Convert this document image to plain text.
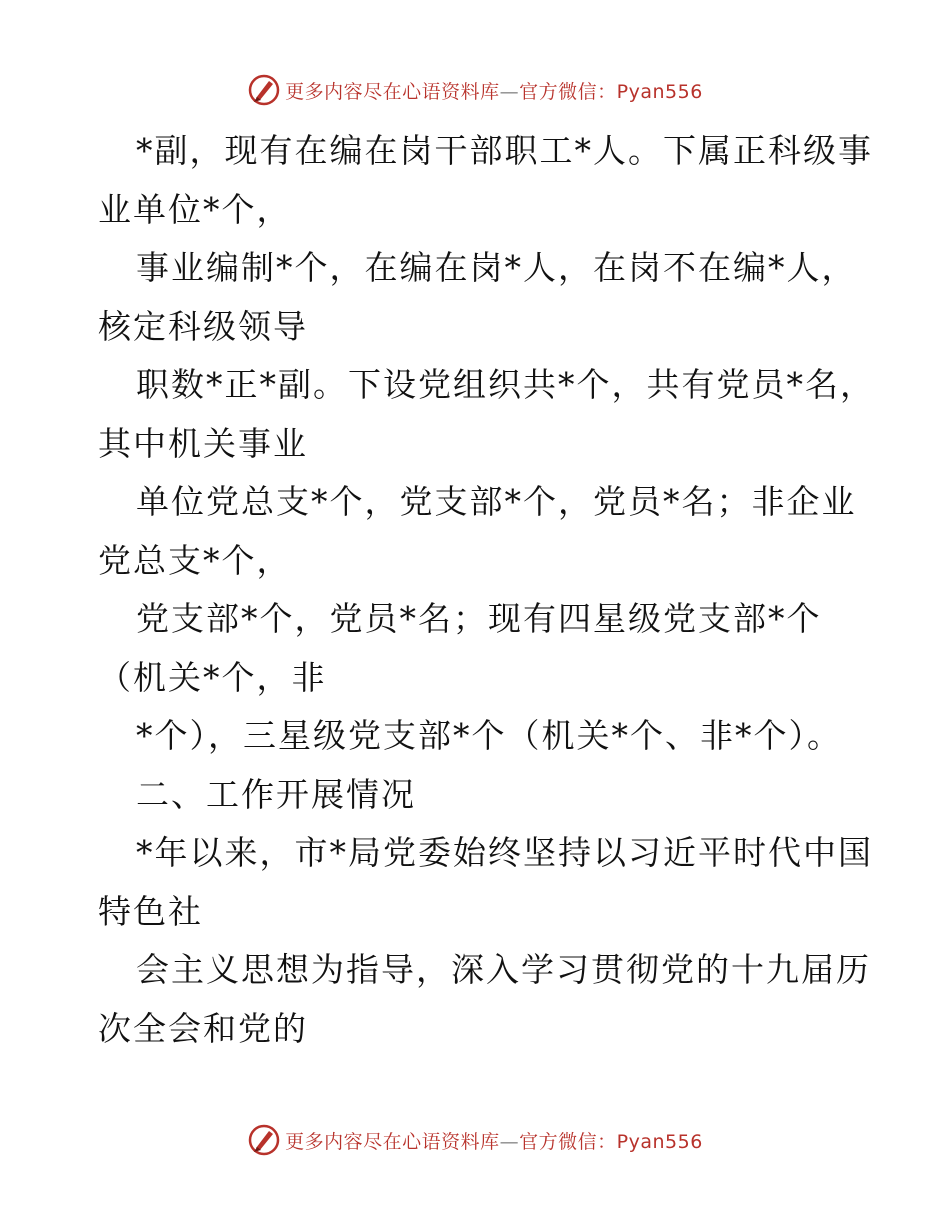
更多内容尽在心语资料库—官方微信：Pyan556
*副，现有在编在岗干部职工*人。下属正科级事
业单位*个，
事业编制*个，在编在岗*人，在岗不在编*人，
核定科级领导
职数*正*副。下设党组织共*个，共有党员*名，
其中机关事业
单位党总支*个，党支部*个，党员*名；非企业
党总支*个，
党支部*个，党员*名；现有四星级党支部*个
（机关*个，非
*个），三星级党支部*个（机关*个、非*个）。
二、工作开展情况
*年以来，市*局党委始终坚持以习近平时代中国
特色社
会主义思想为指导，深入学习贯彻党的十九届历
次全会和党的
更多内容尽在心语资料库—官方微信：Pyan556
